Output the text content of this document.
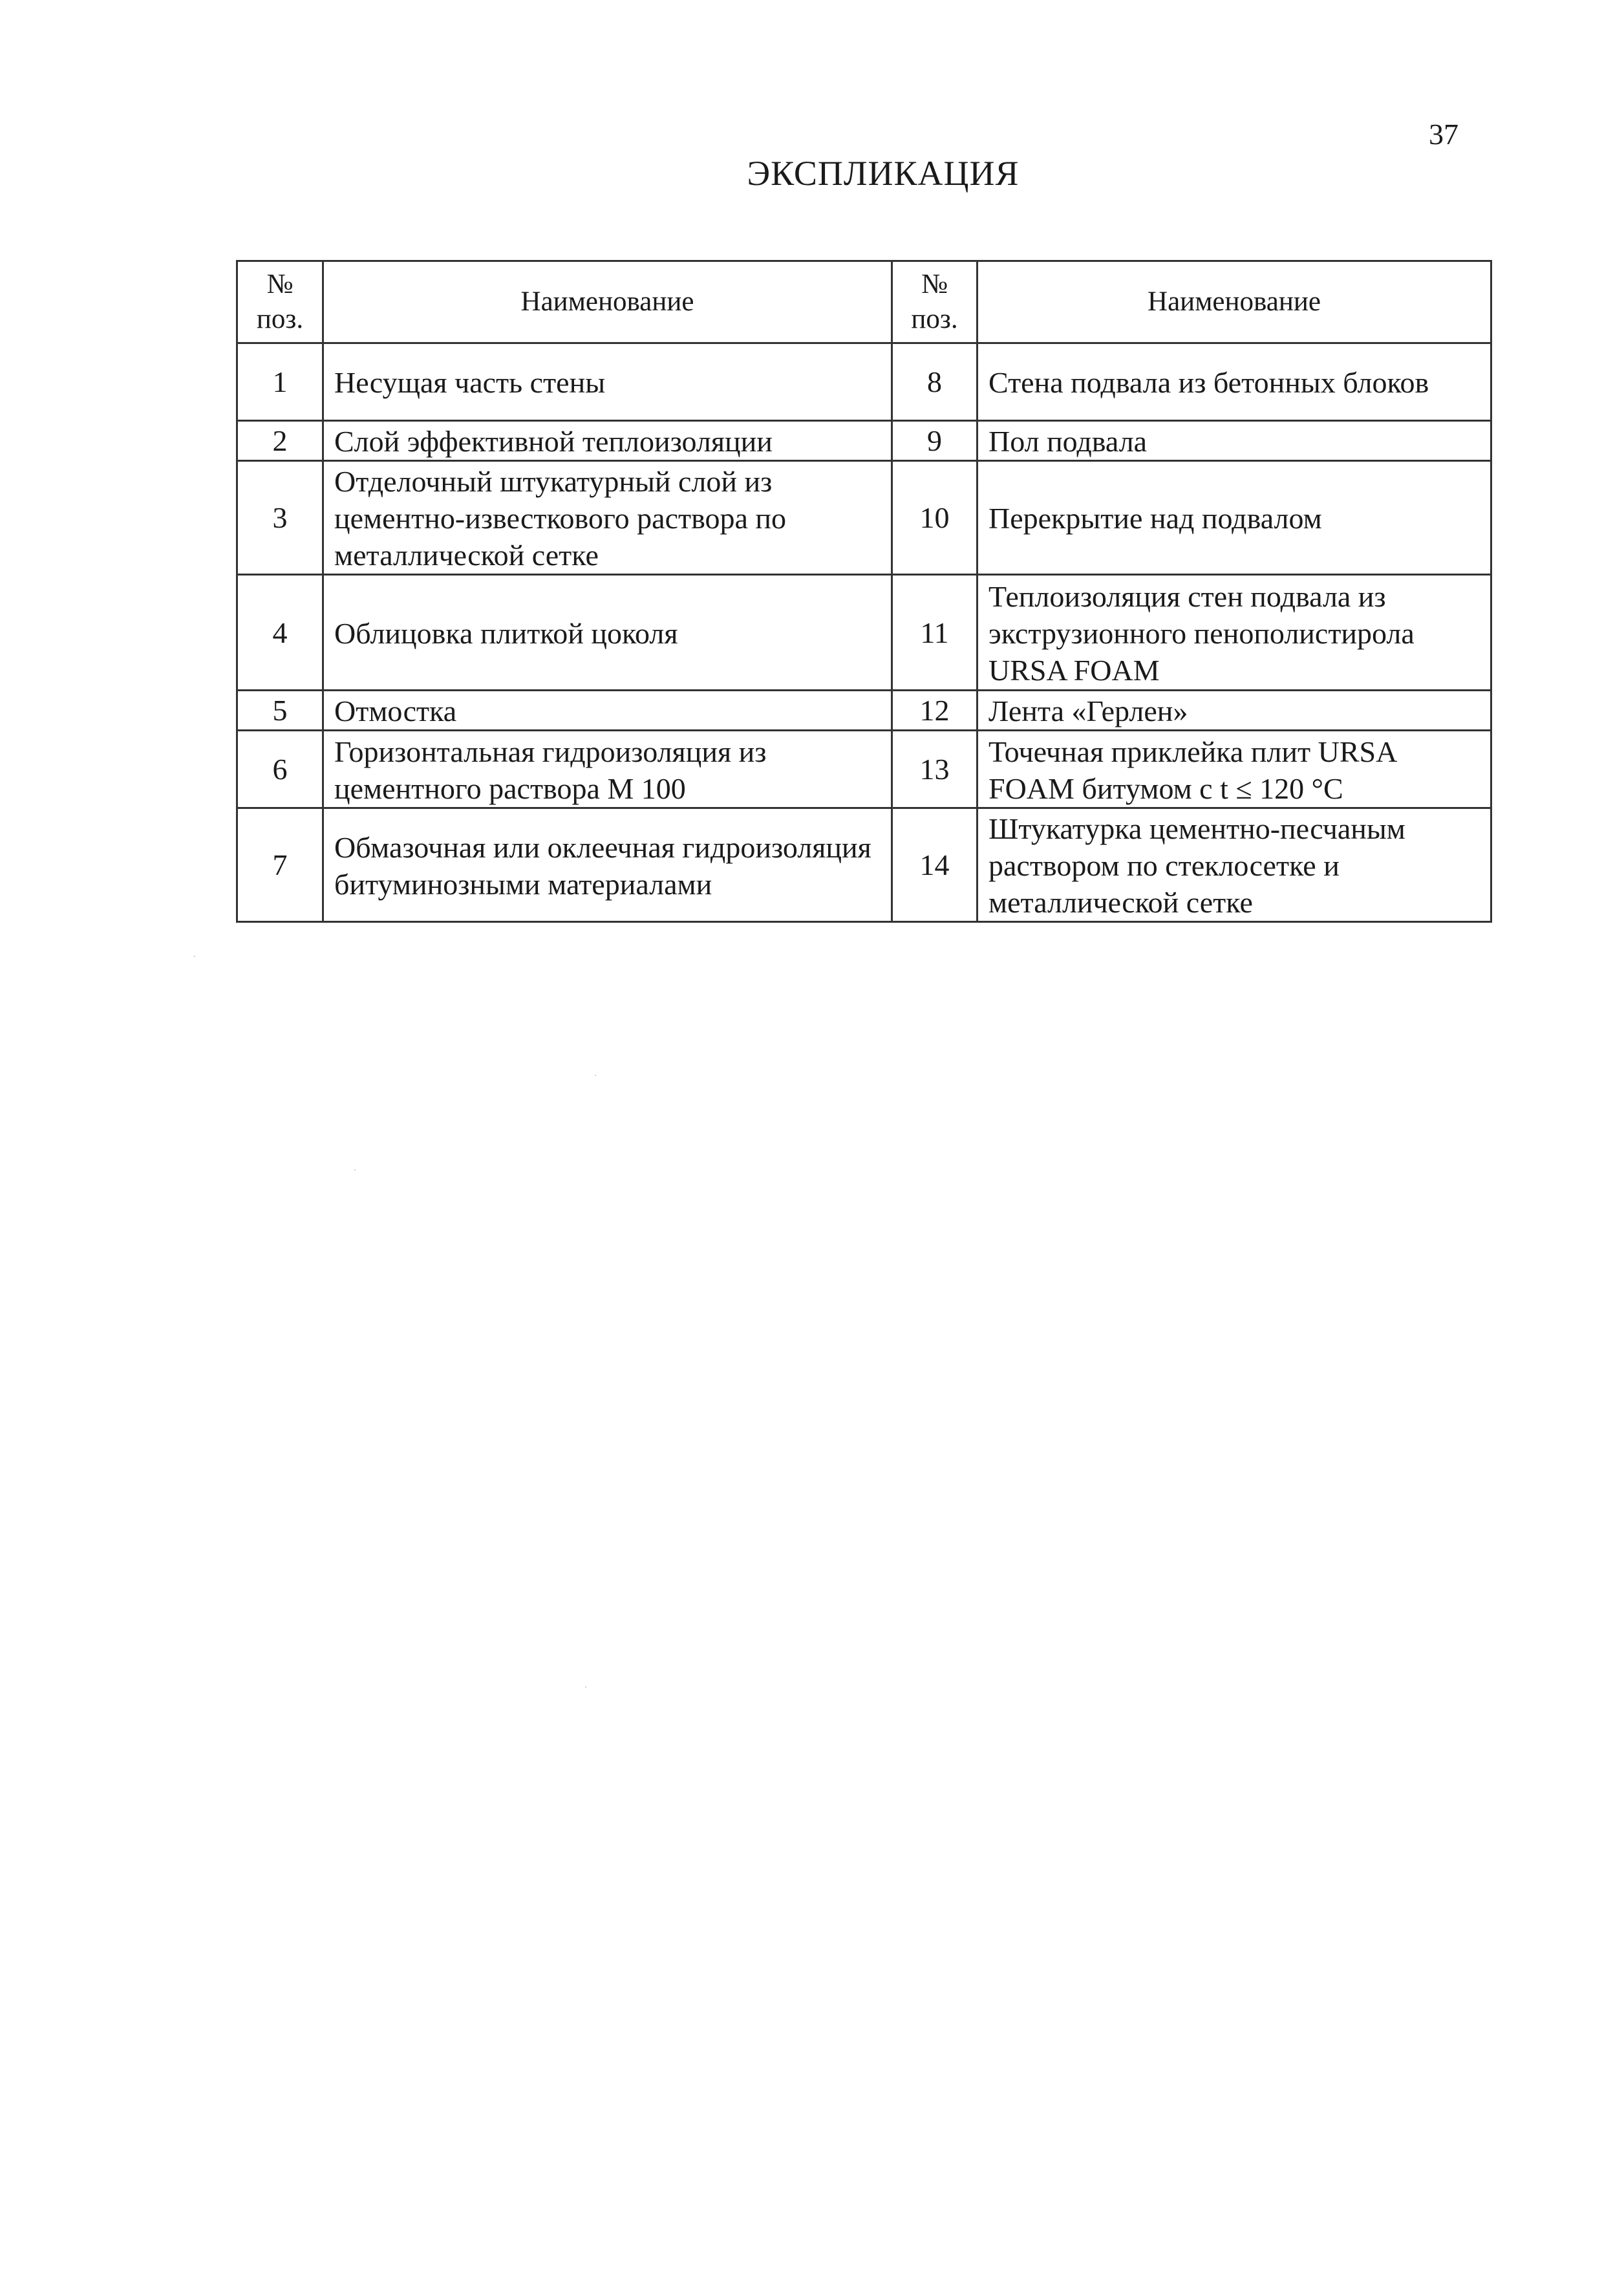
37
ЭКСПЛИКАЦИЯ
№ поз.	Наименование	№ поз.	Наименование
1	Несущая часть стены	8	Стена подвала из бетонных блоков
2	Слой эффективной теплоизоляции	9	Пол подвала
3	Отделочный штукатурный слой из цементно-известкового раствора по металлической сетке	10	Перекрытие над подвалом
4	Облицовка плиткой цоколя	11	Теплоизоляция стен подвала из экструзионного пенополистирола URSA FOAM
5	Отмостка	12	Лента «Герлен»
6	Горизонтальная гидроизоляция из цементного раствора М 100	13	Точечная приклейка плит URSA FOAM битумом с t ≤ 120 °С
7	Обмазочная или оклеечная гидроизоляция битуминозными материалами	14	Штукатурка цементно-песчаным раствором по стеклосетке и металлической сетке
